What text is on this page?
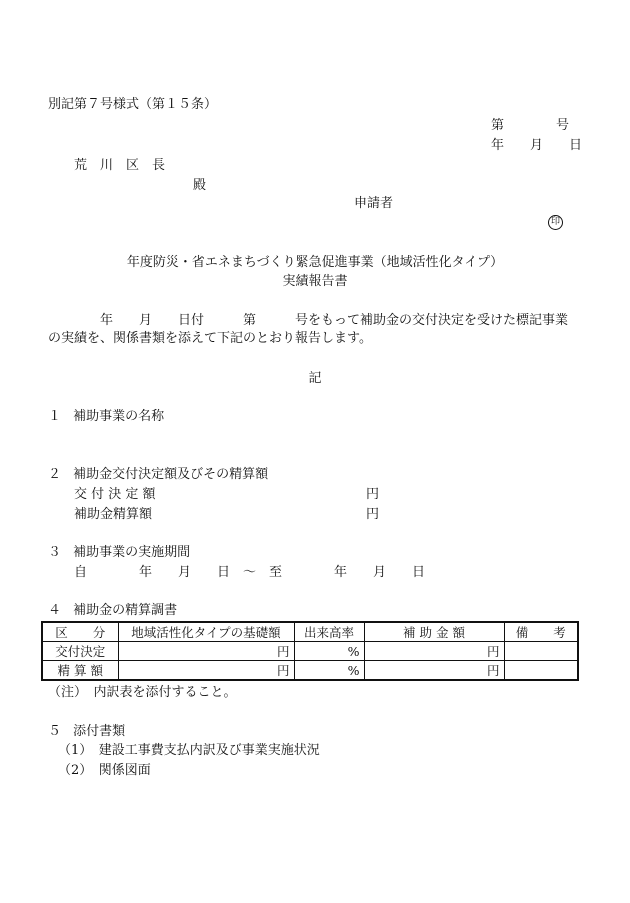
別記第７号様式（第１５条）
第　　　　号
年　　月　　日
荒　川　区　長
殿
申請者
印
年度防災・省エネまちづくり緊急促進事業（地域活性化タイプ）
実績報告書
年　　月　　日付　　　第　　　号をもって補助金の交付決定を受けた標記事業
の実績を、関係書類を添えて下記のとおり報告します。
記
１ 補助事業の名称
２ 補助金交付決定額及びその精算額
交 付 決 定 額	円
補助金精算額	円
３ 補助事業の実施期間
自　　　　年　　月　　日　～　至　　　　年　　月　　日
４ 補助金の精算調書
区　　分	地域活性化タイプの基礎額	出来高率	補 助 金 額	備　　考
交付決定	円	%	円	
精 算 額	円	%	円	
（注）　内訳表を添付すること。
５ 添付書類
（1）　建設工事費支払内訳及び事業実施状況
（2）　関係図面
